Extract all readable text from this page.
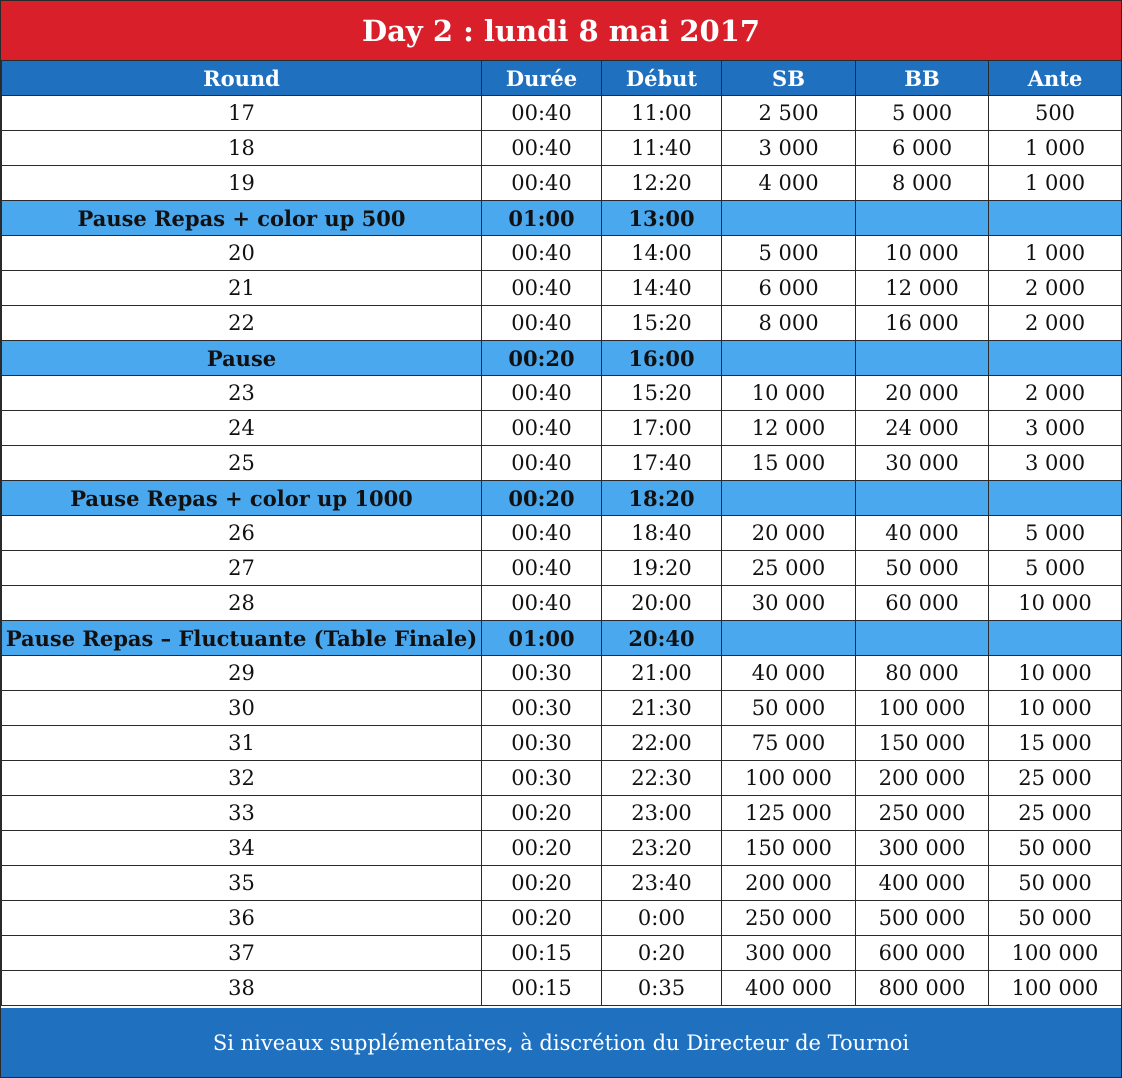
Day 2 : lundi 8 mai 2017
Round	Durée	Début	SB	BB	Ante
17	00:40	11:00	2 500	5 000	500
18	00:40	11:40	3 000	6 000	1 000
19	00:40	12:20	4 000	8 000	1 000
Pause Repas + color up 500	01:00	13:00			
20	00:40	14:00	5 000	10 000	1 000
21	00:40	14:40	6 000	12 000	2 000
22	00:40	15:20	8 000	16 000	2 000
Pause	00:20	16:00			
23	00:40	15:20	10 000	20 000	2 000
24	00:40	17:00	12 000	24 000	3 000
25	00:40	17:40	15 000	30 000	3 000
Pause Repas + color up 1000	00:20	18:20			
26	00:40	18:40	20 000	40 000	5 000
27	00:40	19:20	25 000	50 000	5 000
28	00:40	20:00	30 000	60 000	10 000
Pause Repas – Fluctuante (Table Finale)	01:00	20:40			
29	00:30	21:00	40 000	80 000	10 000
30	00:30	21:30	50 000	100 000	10 000
31	00:30	22:00	75 000	150 000	15 000
32	00:30	22:30	100 000	200 000	25 000
33	00:20	23:00	125 000	250 000	25 000
34	00:20	23:20	150 000	300 000	50 000
35	00:20	23:40	200 000	400 000	50 000
36	00:20	0:00	250 000	500 000	50 000
37	00:15	0:20	300 000	600 000	100 000
38	00:15	0:35	400 000	800 000	100 000
Si niveaux supplémentaires, à discrétion du Directeur de Tournoi
